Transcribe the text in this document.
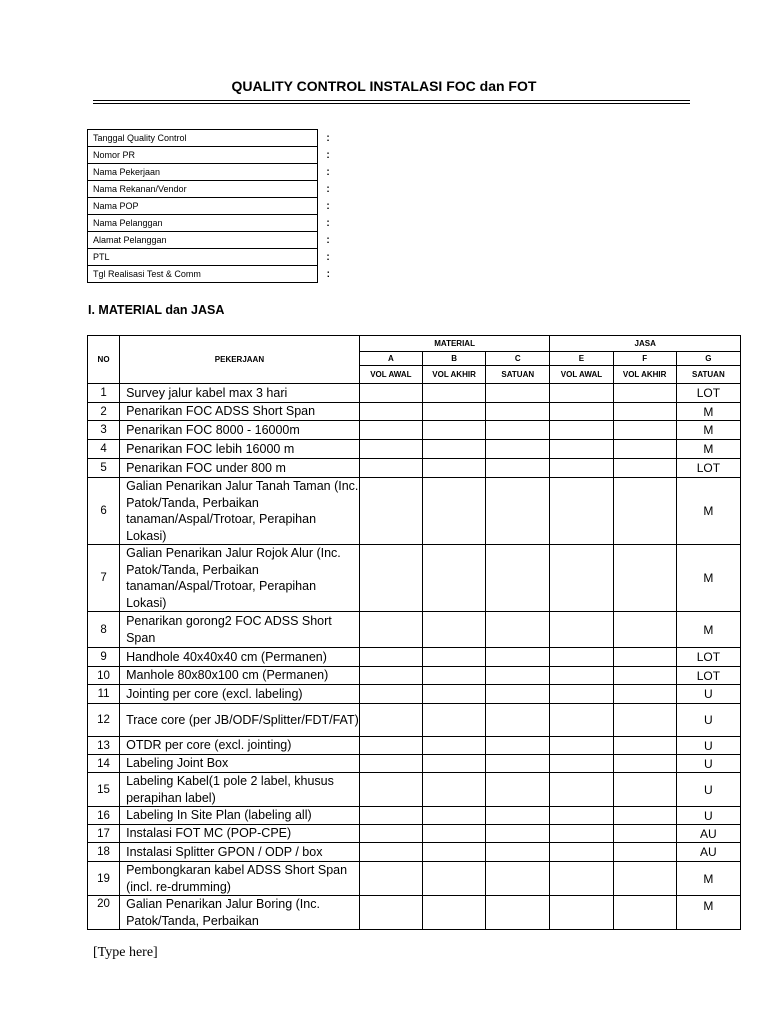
QUALITY CONTROL INSTALASI FOC dan FOT
Tanggal Quality Control	:
Nomor PR	:
Nama Pekerjaan	:
Nama Rekanan/Vendor	:
Nama POP	:
Nama Pelanggan	:
Alamat Pelanggan	:
PTL	:
Tgl Realisasi Test & Comm	:
I. MATERIAL dan JASA
NO	PEKERJAAN	MATERIAL			JASA		
		A	B	C	E	F	G
		VOL AWAL	VOL AKHIR	SATUAN	VOL AWAL	VOL AKHIR	SATUAN
1	Survey jalur kabel max 3 hari						LOT
2	Penarikan FOC ADSS Short Span						M
3	Penarikan FOC 8000 - 16000m						M
4	Penarikan FOC lebih 16000 m						M
5	Penarikan FOC under 800 m						LOT
6	Galian Penarikan Jalur Tanah Taman (Inc. Patok/Tanda, Perbaikan tanaman/Aspal/Trotoar, Perapihan Lokasi)						M
7	Galian Penarikan Jalur Rojok Alur (Inc. Patok/Tanda, Perbaikan tanaman/Aspal/Trotoar, Perapihan Lokasi)						M
8	Penarikan gorong2 FOC ADSS Short Span						M
9	Handhole 40x40x40 cm (Permanen)						LOT
10	Manhole 80x80x100 cm (Permanen)						LOT
11	Jointing per core (excl. labeling)						U
12	Trace core (per JB/ODF/Splitter/FDT/FAT)						U
13	OTDR per core (excl. jointing)						U
14	Labeling Joint Box						U
15	Labeling Kabel(1 pole 2 label, khusus perapihan label)						U
16	Labeling In Site Plan (labeling all)						U
17	Instalasi FOT MC (POP-CPE)						AU
18	Instalasi Splitter GPON / ODP / box						AU
19	Pembongkaran kabel ADSS Short Span (incl. re-drumming)						M
20	Galian Penarikan Jalur Boring (Inc. Patok/Tanda, Perbaikan						M
[Type here]
